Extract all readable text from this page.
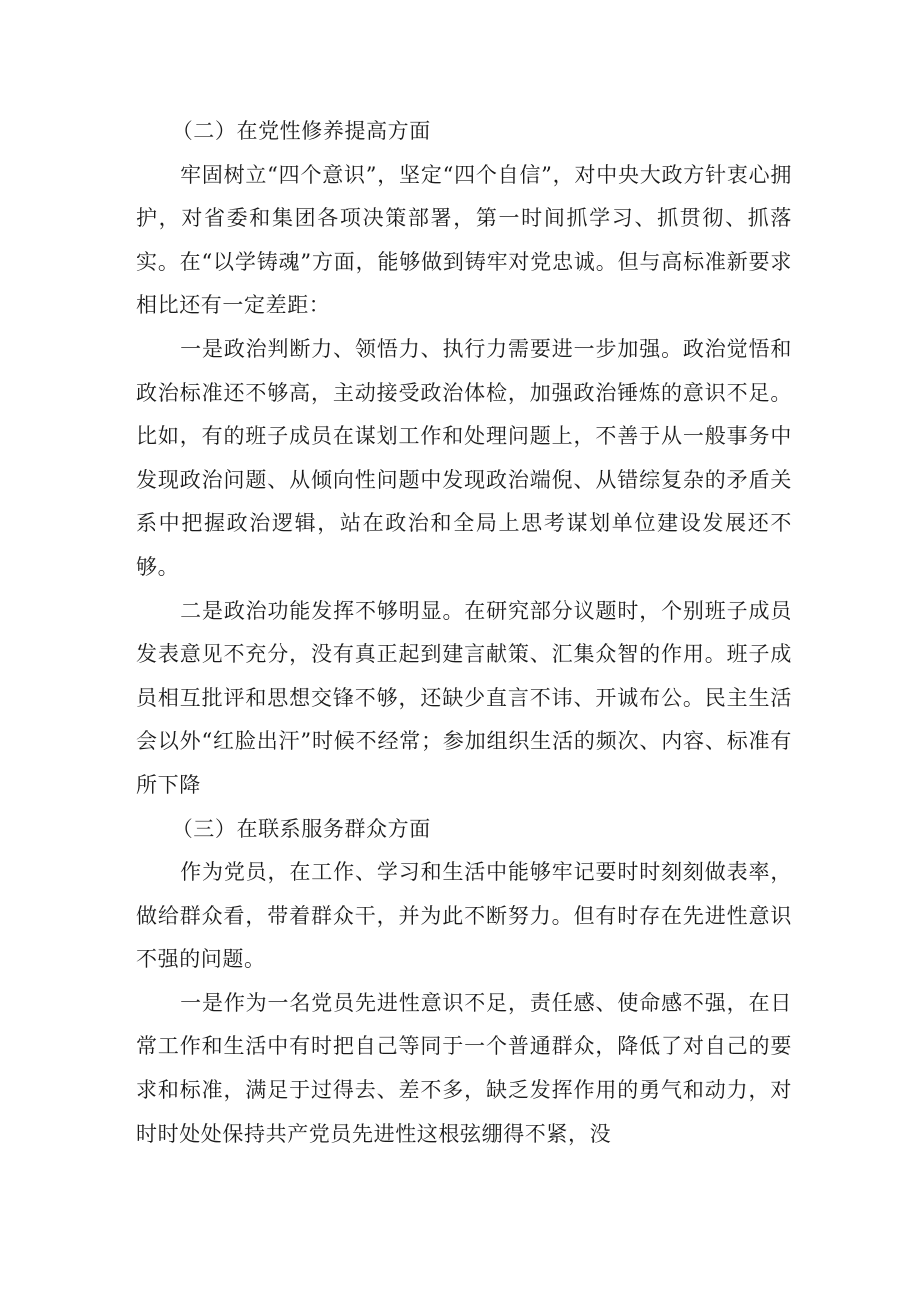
（二）在党性修养提高方面

牢固树立“四个意识”，坚定“四个自信”，对中央大政方针衷心拥护，对省委和集团各项决策部署，第一时间抓学习、抓贯彻、抓落实。在“以学铸魂”方面，能够做到铸牢对党忠诚。但与高标准新要求相比还有一定差距：

一是政治判断力、领悟力、执行力需要进一步加强。政治觉悟和政治标准还不够高，主动接受政治体检，加强政治锤炼的意识不足。比如，有的班子成员在谋划工作和处理问题上，不善于从一般事务中发现政治问题、从倾向性问题中发现政治端倪、从错综复杂的矛盾关系中把握政治逻辑，站在政治和全局上思考谋划单位建设发展还不够。

二是政治功能发挥不够明显。在研究部分议题时，个别班子成员发表意见不充分，没有真正起到建言献策、汇集众智的作用。班子成员相互批评和思想交锋不够，还缺少直言不讳、开诚布公。民主生活会以外“红脸出汗”时候不经常；参加组织生活的频次、内容、标准有所下降

（三）在联系服务群众方面

作为党员，在工作、学习和生活中能够牢记要时时刻刻做表率，做给群众看，带着群众干，并为此不断努力。但有时存在先进性意识不强的问题。

一是作为一名党员先进性意识不足，责任感、使命感不强，在日常工作和生活中有时把自己等同于一个普通群众，降低了对自己的要求和标准，满足于过得去、差不多，缺乏发挥作用的勇气和动力，对时时处处保持共产党员先进性这根弦绷得不紧，没
